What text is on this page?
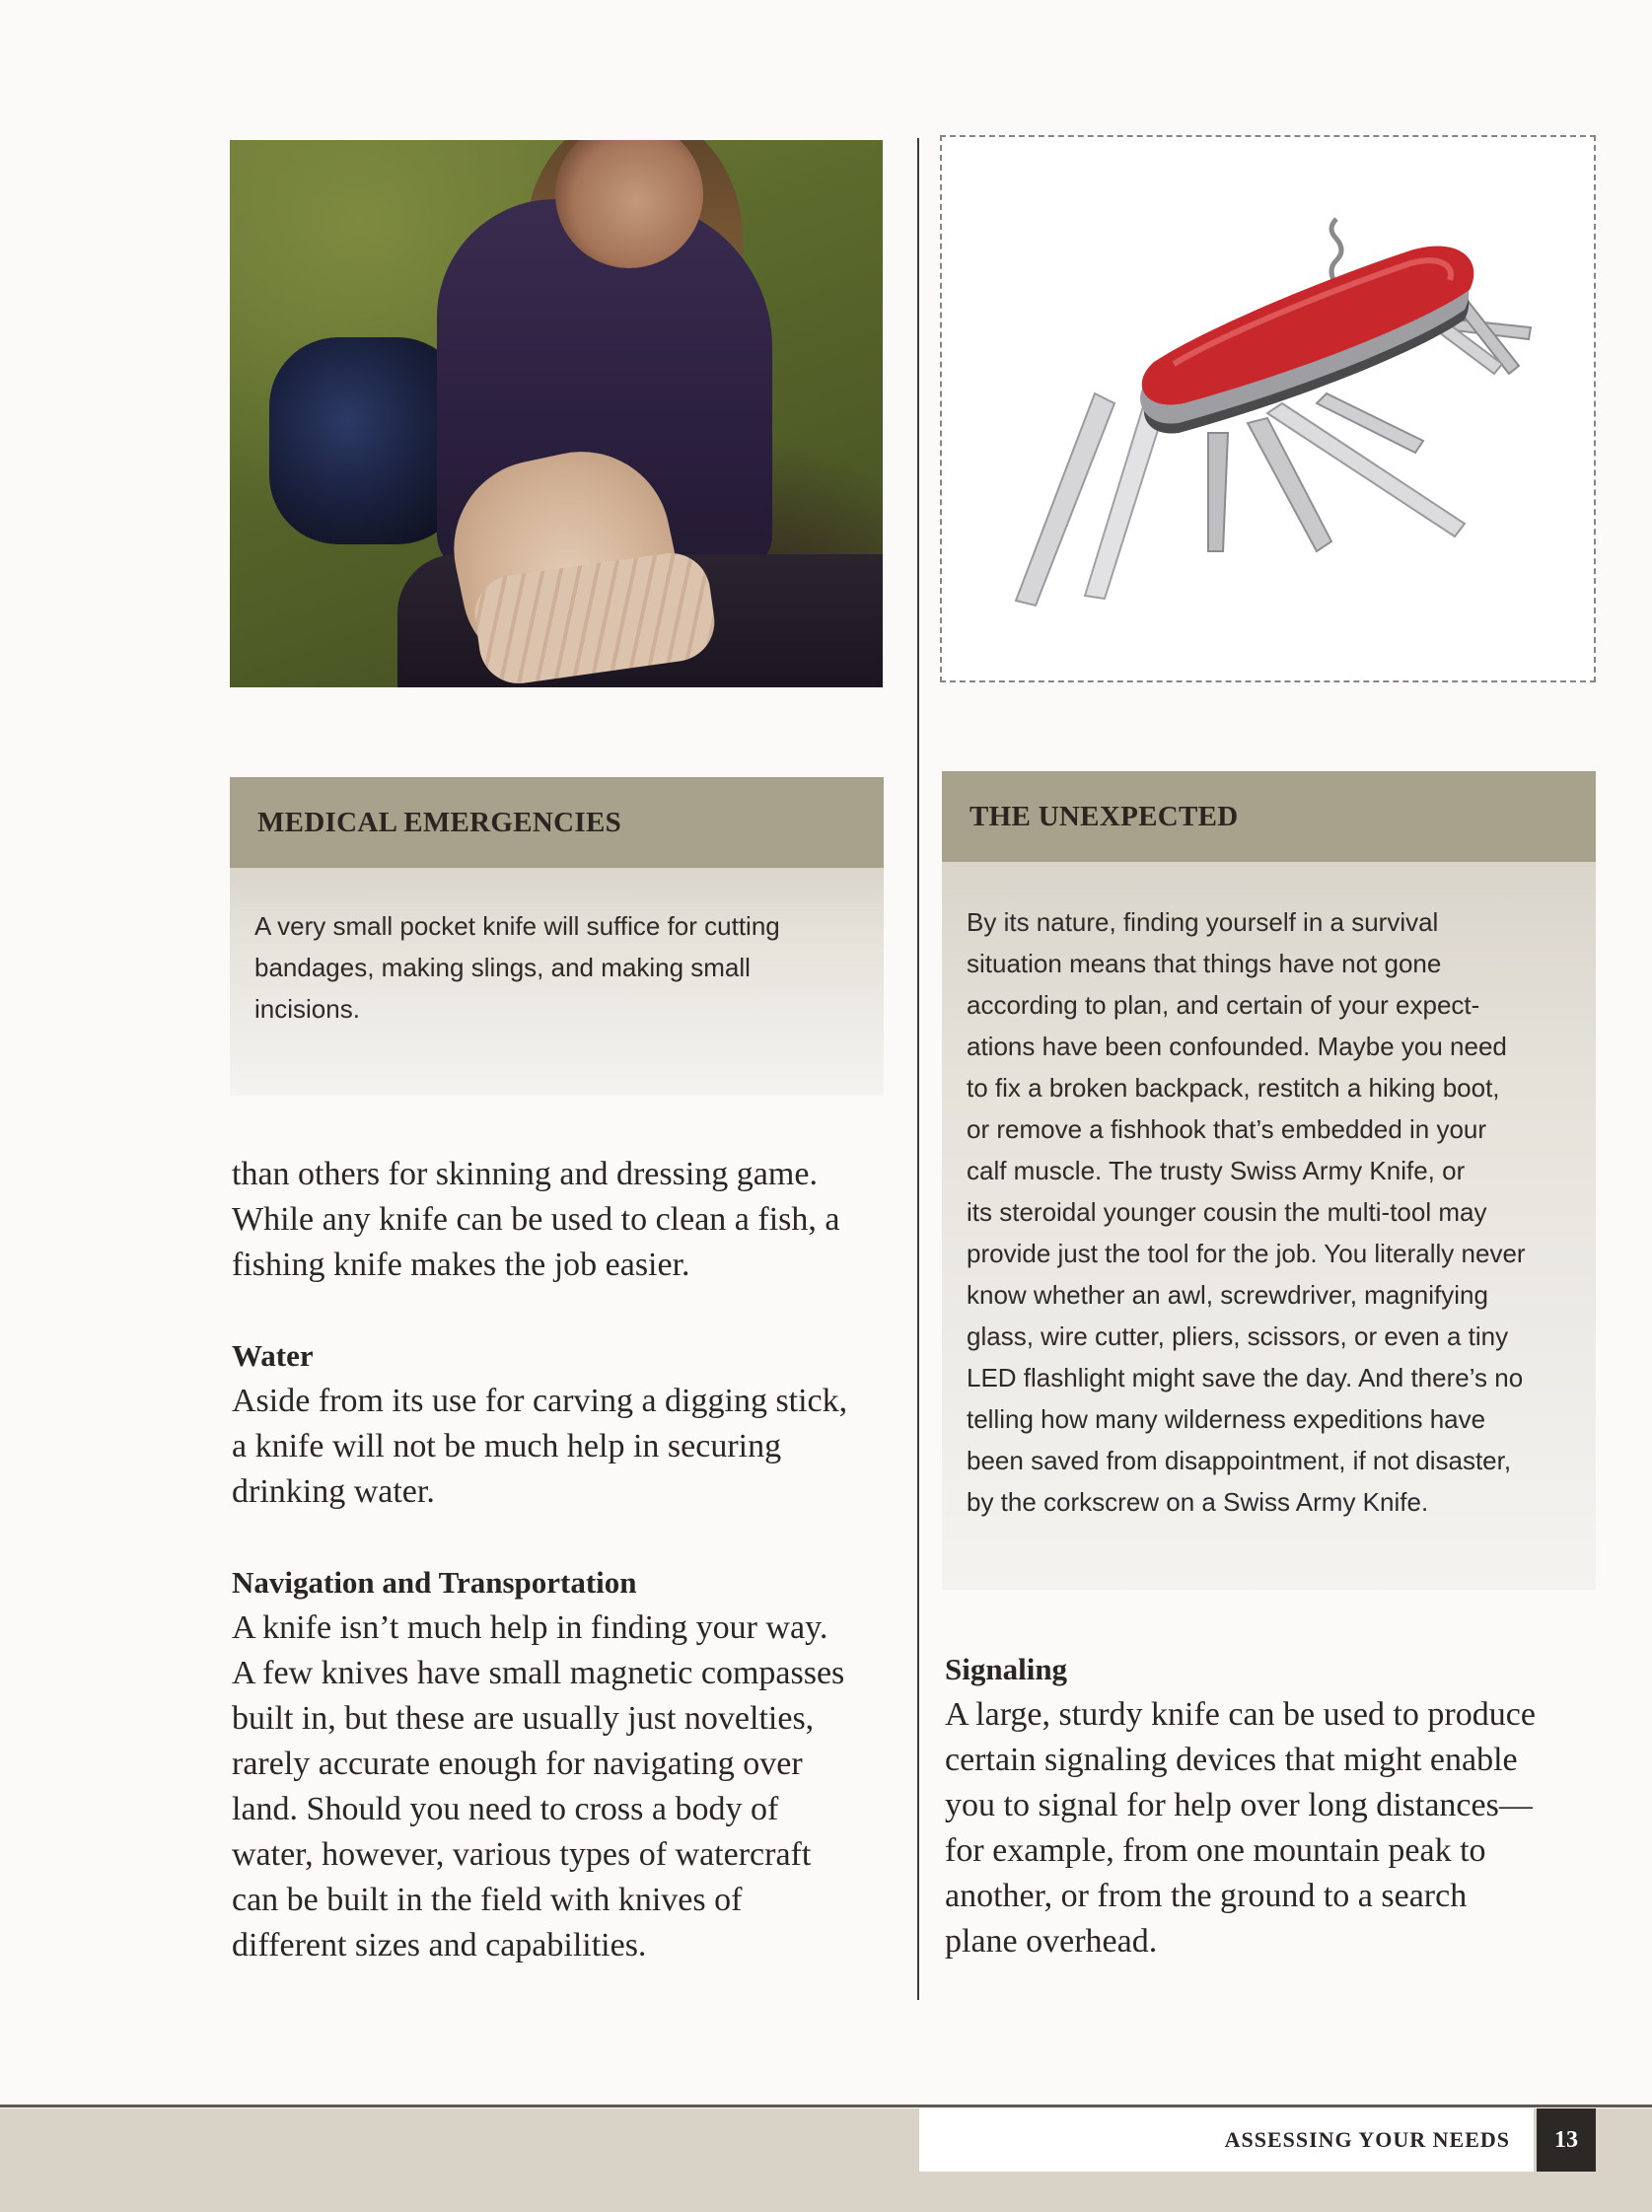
MEDICAL EMERGENCIES

A very small pocket knife will suffice for cutting

bandages, making slings, and making small

incisions.

THE UNEXPECTED

By its nature, finding yourself in a survival

situation means that things have not gone

according to plan, and certain of your expect-

ations have been confounded. Maybe you need

to fix a broken backpack, restitch a hiking boot,

or remove a fishhook that’s embedded in your

calf muscle. The trusty Swiss Army Knife, or

its steroidal younger cousin the multi-tool may

provide just the tool for the job. You literally never

know whether an awl, screwdriver, magnifying

glass, wire cutter, pliers, scissors, or even a tiny

LED flashlight might save the day. And there’s no

telling how many wilderness expeditions have

been saved from disappointment, if not disaster,

by the corkscrew on a Swiss Army Knife.

than others for skinning and dressing game.

While any knife can be used to clean a fish, a

fishing knife makes the job easier.

Water

Aside from its use for carving a digging stick,

a knife will not be much help in securing

drinking water.

Navigation and Transportation

A knife isn’t much help in finding your way.

A few knives have small magnetic compasses

built in, but these are usually just novelties,

rarely accurate enough for navigating over

land. Should you need to cross a body of

water, however, various types of watercraft

can be built in the field with knives of

different sizes and capabilities.

Signaling

A large, sturdy knife can be used to produce

certain signaling devices that might enable

you to signal for help over long distances—

for example, from one mountain peak to

another, or from the ground to a search

plane overhead.

ASSESSING YOUR NEEDS	13
